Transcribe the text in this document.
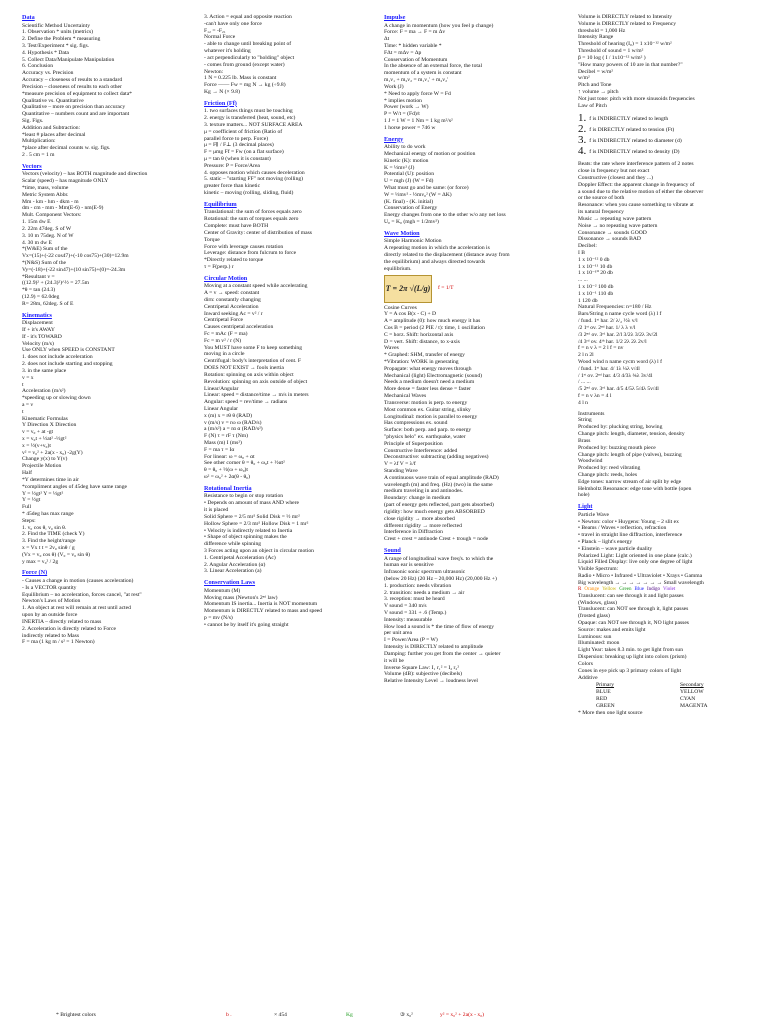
Data
Scientific Method Uncertainty
1. Observation * units (metrics)
2. Define the Problem * measuring
3. Test/Experiment * sig. figs.
4. Hypothesis * Data
5. Collect Data/Manipulate Manipulation
6. Conclusion
Accuracy vs. Precision
Accuracy – closeness of results to a standard
Precision – closeness of results to each other
*measure precision of equipment to collect data*
Qualitative vs. Quantitative
Qualitative – more on precision than accuracy
Quantitative – numbers count and are important
Sig. Figs.
Addition and Subtraction:
*least # places after decimal
Multiplication:
*place after decimal counts w. sig. figs.
2 . 5 cm = 1 m
Vectors
Vectors (velocity) – has BOTH magnitude and direction
Scalar (speed) – has magnitude ONLY
*time, mass, volume
Metric System Abbr.
Mm - km - hm - dkm - m
dm - cm - mm - Mm(E-6) - nm(E-9)
Mult. Component Vectors:
1. 15m dw E
2. 22m 47deg. S of W
3. 10 m 75deg. N of W
4. 30 m dw E
*(W&E) Sum of the
Vx=(15)+(-22 cos47)+(-10 cos75)+(30)=12.9m
*(N&S) Sum of the
Vy=(-18)+(-22 sin47)+(10 sin75)+(0)=-24.3m
*Resultant v =
((12.9)² + (24.3)²)^½ = 27.5m
*θ = tan (24.3)
(12.9) = 62.0deg
R= 28m, 62deg. S of E
Kinematics
Displacement
If + it's AWAY
If - it's TOWARD
Velocity (m/s)
Use ONLY when SPEED is CONSTANT
1. does not include acceleration
2. does not include starting and stopping
3. in the same place
v = x
t
Acceleration (m/s²)
*speeding up or slowing down
a = v
t
Kinematic Formulas
Y Direction X Direction
v = v₀ + at -gt
x = v₀t + ½at² -½gt²
x = ½(v+v₀)t
v² = v₀² + 2a(x - x₀) -2g(Y)
Change y(x) to Y(v)
Projectile Motion
Half
*Y determines time in air
*compliment angles of 45deg have same range
Y = ½gt² Y = ½gt²
Y = ½gt
Full
* 45deg has max range
Steps:
1. v₀ cos θ, v₀ sin θ.
2. Find the TIME (check Y)
3. Find the height/range
x = Vx t t = 2v₀ sinθ / g
(Vx = v₀ cos θ) (V₀ = v₀ sin θ)
y max = v₀² / 2g
Force (N)
- Causes a change in motion (causes acceleration)
- Is a VECTOR quantity
Equilibrium – no acceleration, forces cancel, "at rest"
Newton's Laws of Motion
1. An object at rest will remain at rest until acted
upon by an outside force
INERTIA – directly related to mass
2. Acceleration is directly related to Force
indirectly related to Mass
F = ma (1 kg m / s² = 1 Newton)
3. Action = equal and opposite reaction
-can't have only one force
F₁₂ = -F₂₁
Normal Force
- able to change until breaking point of
whatever it's holding
- act perpendicularly to "holding" object
- comes from ground (except water)
Newton:
1 N = 0.225 lb. Mass is constant
Force —— Fw = mg N → kg (÷9.8)
Kg → N (× 9.8)
Friction (Ff)
1. two surfaces things must be touching
2. energy is transferred (heat, sound, etc)
3. texture matters... NOT SURFACE AREA
μ = coefficient of friction (Ratio of
parallel force to perp. Force)
μ = F∥ / F⊥ (3 decimal places)
F = μmg Ff = Fw (on a flat surface)
μ = tan θ (when it is constant)
Pressure: P = Force/Area
4. opposes motion which causes deceleration
5. static – "starting FF" not moving (rolling)
greater force than kinetic
kinetic – moving (rolling, sliding, fluid)
Equilibrium
Translational: the sum of forces equals zero
Rotational: the sum of torques equals zero
Complete: must have BOTH
Center of Gravity: center of distribution of mass
Torque
Force with leverage causes rotation
Leverage: distance from fulcrum to force
*Directly related to torque
τ = F(perp.) r
Circular Motion
Moving at a constant speed while accelerating
A = v → speed: constant
dirn: constantly changing
Centripetal Acceleration
Inward seeking Ac = v² / r
Centripetal Force
Causes centripetal acceleration
Fc = mAc (F = ma)
Fc = m v² / r (N)
You MUST have some F to keep something
moving in a circle
Centrifugal: body's interpretation of cent. F
DOES NOT EXIST → fools inertia
Rotation: spinning on axis within object
Revolution: spinning on axis outside of object
Linear/Angular
Linear: speed = distance/time → m/s in meters
Angular: speed = rev/time → radians
Linear Angular
x (m) x = rθ θ (RAD)
v (m/s) v = rω ω (RAD/s)
a (m/s²) a = rα α (RAD/s²)
F (N) τ = rF τ (Nm)
Mass (m) I (ms²)
F = ma τ = Iα
For linear: ω = ω₀ + αt
See other corner θ = θ₀ + ω₀t + ½αt²
θ = θ₀ + ½(ω + ω₀)t
ω² = ω₀² + 2α(θ - θ₀)
Rotational Inertia
Resistance to begin or stop rotation
• Depends on amount of mass AND where
it is placed
Solid Sphere = 2/5 mr² Solid Disk = ½ mr²
Hollow Sphere = 2/3 mr² Hollow Disk = 1 mr²
• Velocity is indirectly related to Inertia
• Shape of object spinning makes the
difference while spinning
3 Forces acting upon an object in circular motion
1. Centripetal Acceleration (Ac)
2. Angular Acceleration (α)
3. Linear Acceleration (a)
Conservation Laws
Momentum (M)
Moving mass (Newton's 2ⁿᵈ law)
Momentum IS inertia... Inertia is NOT momentum
Momentum is DIRECTLY related to mass and speed
p = mv (N/s)
• cannot be by itself it's going straight
Impulse
A change in momentum (how you feel p change)
Force: F = ma → F = m Δv
Δt
Time: * hidden variable *
FΔt = mΔv = Δp
Conservation of Momentum
In the absence of an external force, the total
momentum of a system is constant
m₁v₁ + m₂v₂ = m₁v₁' + m₂v₂'
Work (J)
* Need to apply force W = Fd
* implies motion
Power (work → W)
P = W/t = (Fd)/t
1 J = 1 W = 1 Nm = 1 kg m²/s²
1 horse power = 746 w
Energy
Ability to do work
Mechanical energy of motion or position
Kinetic (K): motion
K = ½mv² (J)
Potential (U): position
U = mgh (J) (W = Fd)
What must go and be same: (or force)
W = ½mv² - ½mv₀² (W = ΔK)
(K. final) - (K. initial)
Conservation of Energy
Energy changes from one to the other w/o any net loss
U₀ = K₀ (mgh = 1/2mv²)
Wave Motion
Simple Harmonic Motion
A repeating motion in which the acceleration is
directly related to the displacement (distance away from
the equilibrium) and always directed towards
equilibrium.
T = 2π √(L/g)	f = 1/T
Cosine Curves
Y = A cos B(x - C) + D
A = amplitude (0): how much energy it has
Cos B = period (2 PIE / t): time, 1 oscillation
C = horz. Shift: horizontal axis
D = vert. Shift: distance, to x-axis
Waves
* Graphed: SHM, transfer of energy
*Vibration: WORK in generating
Propagate: what energy moves through
Mechanical (light) Electromagnetic (sound)
Needs a medium doesn't need a medium
More dense = faster less dense = faster
Mechanical Waves
Transverse: motion is perp. to energy
Most common ex. Guitar string, slinky
Longitudinal: motion is parallel to energy
Has compressions ex. sound
Surface: both perp. and parp. to energy
"physics helo" ex. earthquake, water
Principle of Superposition
Constructive Interference: added
Deconstructive: subtracting (adding negatives)
V = λf V = λ/f
Standing Wave
A continuous wave train of equal amplitude (RAD)
wavelength (m) and freq. (Hz) (two) in the same
medium traveling in and antinodes.
Boundary: change in medium
(part of energy gets reflected, part gets absorbed)
rigidity: how much energy gets ABSORBED
close rigidity → more absorbed
different rigidity → more reflected
Interference in Diffraction
Crest + crest = antinode Crest + trough = node
Sound
A range of longitudinal wave freq's. to which the
human ear is sensitive
Infrasonic sonic spectrum ultrasonic
(below 20 Hz) (20 Hz – 20,000 Hz) (20,000 Hz +)
1. production: needs vibration
2. transition: needs a medium → air
3. reception: must be heard
V sound = 340 m/s
V sound = 331 + .6 (Temp.)
Intensity: measurable
How loud a sound is * the time of flow of energy
per unit area
I = Power/Area (P = W)
Intensity is DIRECTLY related to amplitude
Damping: further you get from the center → quieter
it will be
Inverse Square Law: I₁ r₁² = I₂ r₂²
Volume (dB): subjective (decibels)
Relative Intensity Level → loudness level
Volume is DIRECTLY related to Intensity
Volume is DIRECTLY related to Frequency
threshold = 1,000 Hz
Intensity Range
Threshold of hearing (I₀) = 1 x10⁻¹² w/m²
Threshold of sound = 1 w/m²
β = 10 log ( I / 1x10⁻¹² w/m² )
"How many powers of 10 are in that number?"
Decibel = w/m²
w/m²
Pitch and Tone
↑ volume → pitch
Not just tone: pitch with more sinusoids frequencies
Law of Pitch
1. f is INDIRECTLY related to length
2. f is DIRECTLY related to tension (Ft)
3. f is INDIRECTLY related to diameter (d)
4. f is INDIRECTLY related to density (D)
Beats: the rate where interference pattern of 2 notes
close in frequency but not exact
Constructive (closest and they ...)
Doppler Effect: the apparent change in frequency of
a sound due to the relative motion of either the observer
or the source of both
Resonance: when you cause something to vibrate at
its natural frequency
Music → repeating wave pattern
Noise → no repeating wave pattern
Consonance → sounds GOOD
Dissonance → sounds BAD
Decibel:
I B
1 x 10⁻¹² 0 db
1 x 10⁻¹¹ 10 db
1 x 10⁻¹⁰ 20 db
... ...
1 x 10⁻² 100 db
1 x 10⁻¹ 110 db
1 120 db
Natural Frequencies: n=180 / Hz
Bars/String n name cycle word (λ) l f
/ fund. 1ˢᵗ har. 2/ λ/₂ ½λ v/l
/2 1ˢᵗ ov. 2ⁿᵈ har. 1/ λ λ v/l
/3 2ⁿᵈ ov. 3ʳᵈ har. 2/l 3/2λ 3/2λ 3v/2l
/4 3ʳᵈ ov. 4ᵗʰ har. 1/2 2λ 2λ 2v/l
f = n v λ = 2 l f = nv
2 l n 2l
Wood wind n name cycm word (λ) l f
/ fund. 1ˢᵗ har. 4/ 1λ ¼λ v/4l
/ 1ˢᵗ ov. 2ⁿᵈ har. 4/3 4/3λ ¾λ 3v/4l
/ ... ...
/5 2ⁿᵈ ov. 3ʳᵈ har. 4/5 4/5λ 5/4λ 5v/4l
f = n v λn = 4 l
4 l n
Instruments
String
Produced by: plucking string, bowing
Change pitch: length, diameter, tension, density
Brass
Produced by: buzzing mouth piece
Change pitch: length of pipe (valves), buzzing
Woodwind
Produced by: reed vibrating
Change pitch: reeds, holes
Edge tones: narrow stream of air split by edge
Helmholtz Resonance: edge tone with bottle (open
hole)
Light
Particle Wave
• Newton: color • Huygens: Young – 2 slit ex
• Beams / Waves • reflection, refraction
• travel in straight line diffraction, interference
• Planck – light's energy
• Einstein – wave particle duality
Polarized Light: Light oriented in one plane (calc.)
Liquid Filled Display: live only one degree of light
Visible Spectrum:
Radio • Micro • Infrared • Ultraviolet • Xrays • Gamma
Big wavelength → → → → → → → Small wavelength
R Orange Yellow Green Blue Indigo Violet
Translucent: can see through it and light passes
(Windows, glass)
Translucent: can NOT see through it, light passes
(frosted glass)
Opaque: can NOT see through it, NO light passes
Source: makes and emits light
Luminous: sun
Illuminated: moon
Light Year: takes 8.3 min. to get light from sun
Dispersion: breaking up light into colors (prism)
Colors
Cones in eye pick up 3 primary colors of light
Additive
Primary	Secondary
BLUE	YELLOW
RED	CYAN
GREEN	MAGENTA
* More then one light source
* Brightest colors	b .	× 454	Kg	③ x₀²	y² = x₀² + 2a(x - x₀)
